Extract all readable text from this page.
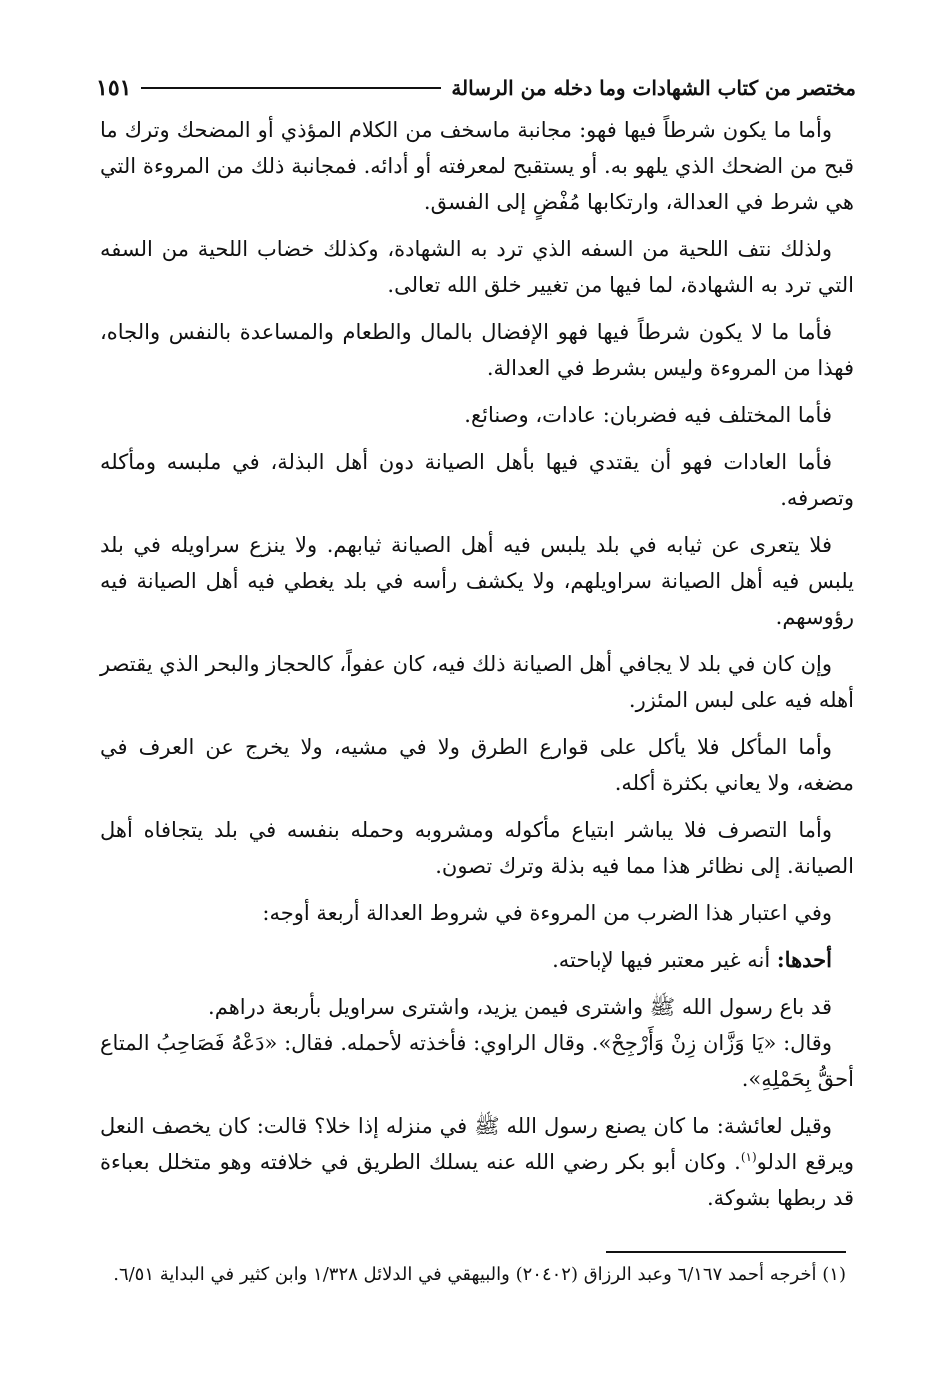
مختصر من كتاب الشهادات وما دخله من الرسالة
١٥١

وأما ما يكون شرطاً فيها فهو: مجانبة ماسخف من الكلام المؤذي أو المضحك وترك ما قبح من الضحك الذي يلهو به. أو يستقبح لمعرفته أو أدائه. فمجانبة ذلك من المروءة التي هي شرط في العدالة، وارتكابها مُفْضٍ إلى الفسق.

ولذلك نتف اللحية من السفه الذي ترد به الشهادة، وكذلك خضاب اللحية من السفه التي ترد به الشهادة، لما فيها من تغيير خلق الله تعالى.

فأما ما لا يكون شرطاً فيها فهو الإفضال بالمال والطعام والمساعدة بالنفس والجاه، فهذا من المروءة وليس بشرط في العدالة.

فأما المختلف فيه فضربان: عادات، وصنائع.

فأما العادات فهو أن يقتدي فيها بأهل الصيانة دون أهل البذلة، في ملبسه ومأكله وتصرفه.

فلا يتعرى عن ثيابه في بلد يلبس فيه أهل الصيانة ثيابهم. ولا ينزع سراويله في بلد يلبس فيه أهل الصيانة سراويلهم، ولا يكشف رأسه في بلد يغطي فيه أهل الصيانة فيه رؤوسهم.

وإن كان في بلد لا يجافي أهل الصيانة ذلك فيه، كان عفواً، كالحجاز والبحر الذي يقتصر أهله فيه على لبس المئزر.

وأما المأكل فلا يأكل على قوارع الطرق ولا في مشيه، ولا يخرج عن العرف في مضغه، ولا يعاني بكثرة أكله.

وأما التصرف فلا يباشر ابتياع مأكوله ومشروبه وحمله بنفسه في بلد يتجافاه أهل الصيانة. إلى نظائر هذا مما فيه بذلة وترك تصون.

وفي اعتبار هذا الضرب من المروءة في شروط العدالة أربعة أوجه:

أحدها: أنه غير معتبر فيها لإباحته.

قد باع رسول الله ﷺ واشترى فيمن يزيد، واشترى سراويل بأربعة دراهم.

وقال: «يَا وَزَّان زِنْ وَأَرْجِحْ». وقال الراوي: فأخذته لأحمله. فقال: «دَعْهُ فَصَاحِبُ المتاع أحقُّ بِحَمْلِهِ».

وقيل لعائشة: ما كان يصنع رسول الله ﷺ في منزله إذا خلا؟ قالت: كان يخصف النعل ويرقع الدلو$^{(١)}$. وكان أبو بكر رضي الله عنه يسلك الطريق في خلافته وهو متخلل بعباءة قد ربطها بشوكة.

(١) أخرجه أحمد ٦/١٦٧ وعبد الرزاق (٢٠٤٠٢) والبيهقي في الدلائل ١/٣٢٨ وابن كثير في البداية ٦/٥١.
